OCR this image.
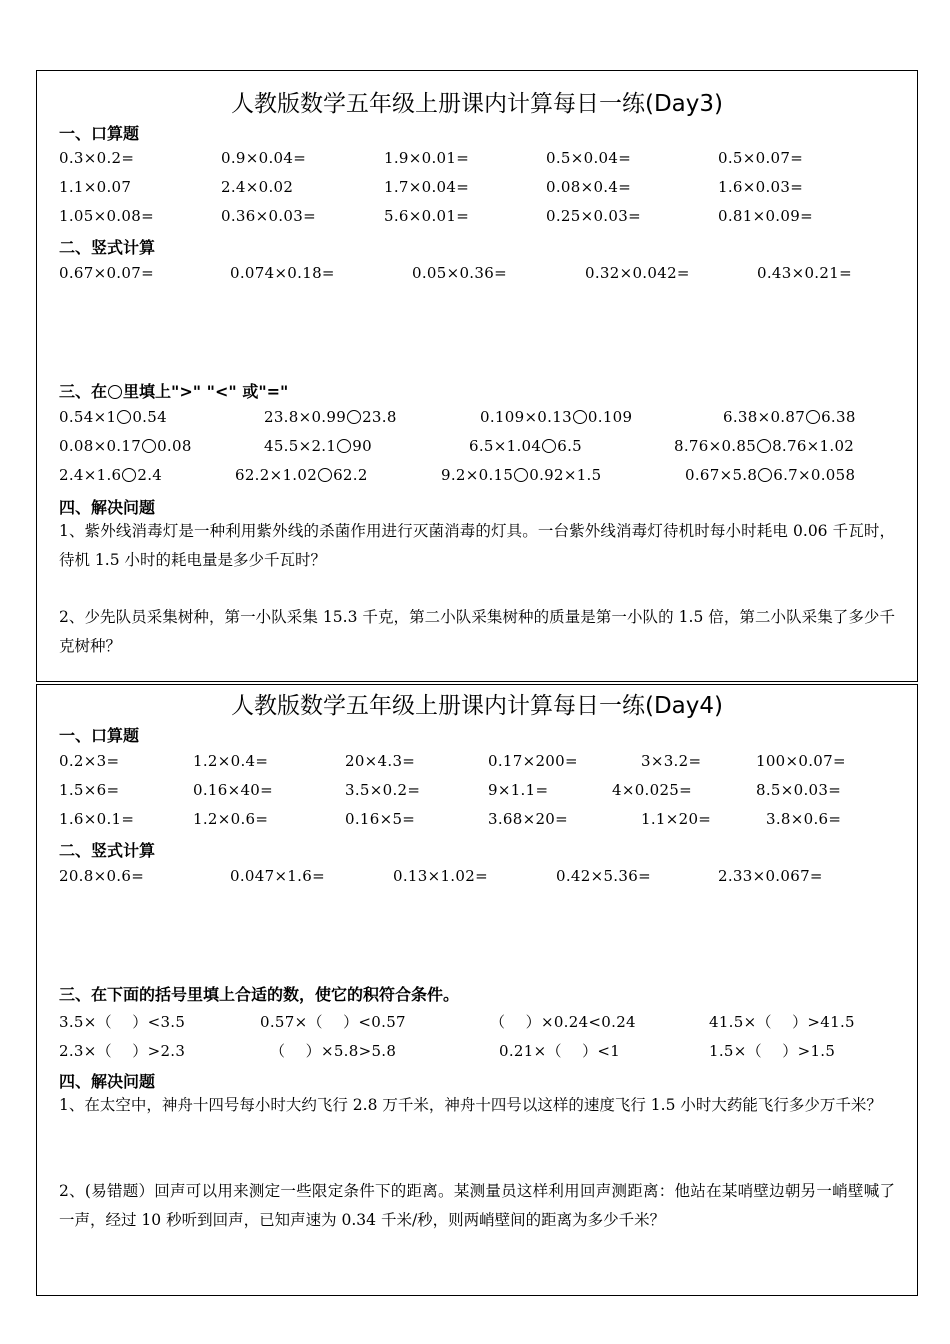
人教版数学五年级上册课内计算每日一练(Day3)
一、口算题
0.3×0.2=	0.9×0.04=	1.9×0.01=	0.5×0.04=	0.5×0.07=
1.1×0.07	2.4×0.02	1.7×0.04=	0.08×0.4=	1.6×0.03=
1.05×0.08=	0.36×0.03=	5.6×0.01=	0.25×0.03=	0.81×0.09=
二、竖式计算
0.67×0.07=	0.074×0.18=	0.05×0.36=	0.32×0.042=	0.43×0.21=
三、在 里填上">" "<" 或"="
0.54×1 0.54	23.8×0.99 23.8	0.109×0.13 0.109	6.38×0.87 6.38
0.08×0.17 0.08	45.5×2.1 90	6.5×1.04 6.5	8.76×0.85 8.76×1.02
2.4×1.6 2.4	62.2×1.02 62.2	9.2×0.15 0.92×1.5	0.67×5.8 6.7×0.058
四、解决问题
1、紫外线消毒灯是一种利用紫外线的杀菌作用进行灭菌消毒的灯具。一台紫外线消毒灯待机时每小时耗电 0.06 千瓦时，待机 1.5 小时的耗电量是多少千瓦时？
2、少先队员采集树种，第一小队采集 15.3 千克，第二小队采集树种的质量是第一小队的 1.5 倍，第二小队采集了多少千克树种？
人教版数学五年级上册课内计算每日一练(Day4)
一、口算题
0.2×3=	1.2×0.4=	20×4.3=	0.17×200=	3×3.2=	100×0.07=
1.5×6=	0.16×40=	3.5×0.2=	9×1.1=	4×0.025=	8.5×0.03=
1.6×0.1=	1.2×0.6=	0.16×5=	3.68×20=	1.1×20=	3.8×0.6=
二、竖式计算
20.8×0.6=	0.047×1.6=	0.13×1.02=	0.42×5.36=	2.33×0.067=
三、在下面的括号里填上合适的数，使它的积符合条件。
3.5×（　 ）<3.5	0.57×（　 ）<0.57	（　 ）×0.24<0.24	41.5×（　 ）>41.5
2.3×（　 ）>2.3	（　 ）×5.8>5.8	0.21×（　 ）<1	1.5×（　 ）>1.5
四、解决问题
1、在太空中，神舟十四号每小时大约飞行 2.8 万千米，神舟十四号以这样的速度飞行 1.5 小时大药能飞行多少万千米？
2、(易错题）回声可以用来测定一些限定条件下的距离。某测量员这样利用回声测距离：他站在某哨壁边朝另一峭壁喊了一声，经过 10 秒听到回声，已知声速为 0.34 千米/秒，则两峭壁间的距离为多少千米？
